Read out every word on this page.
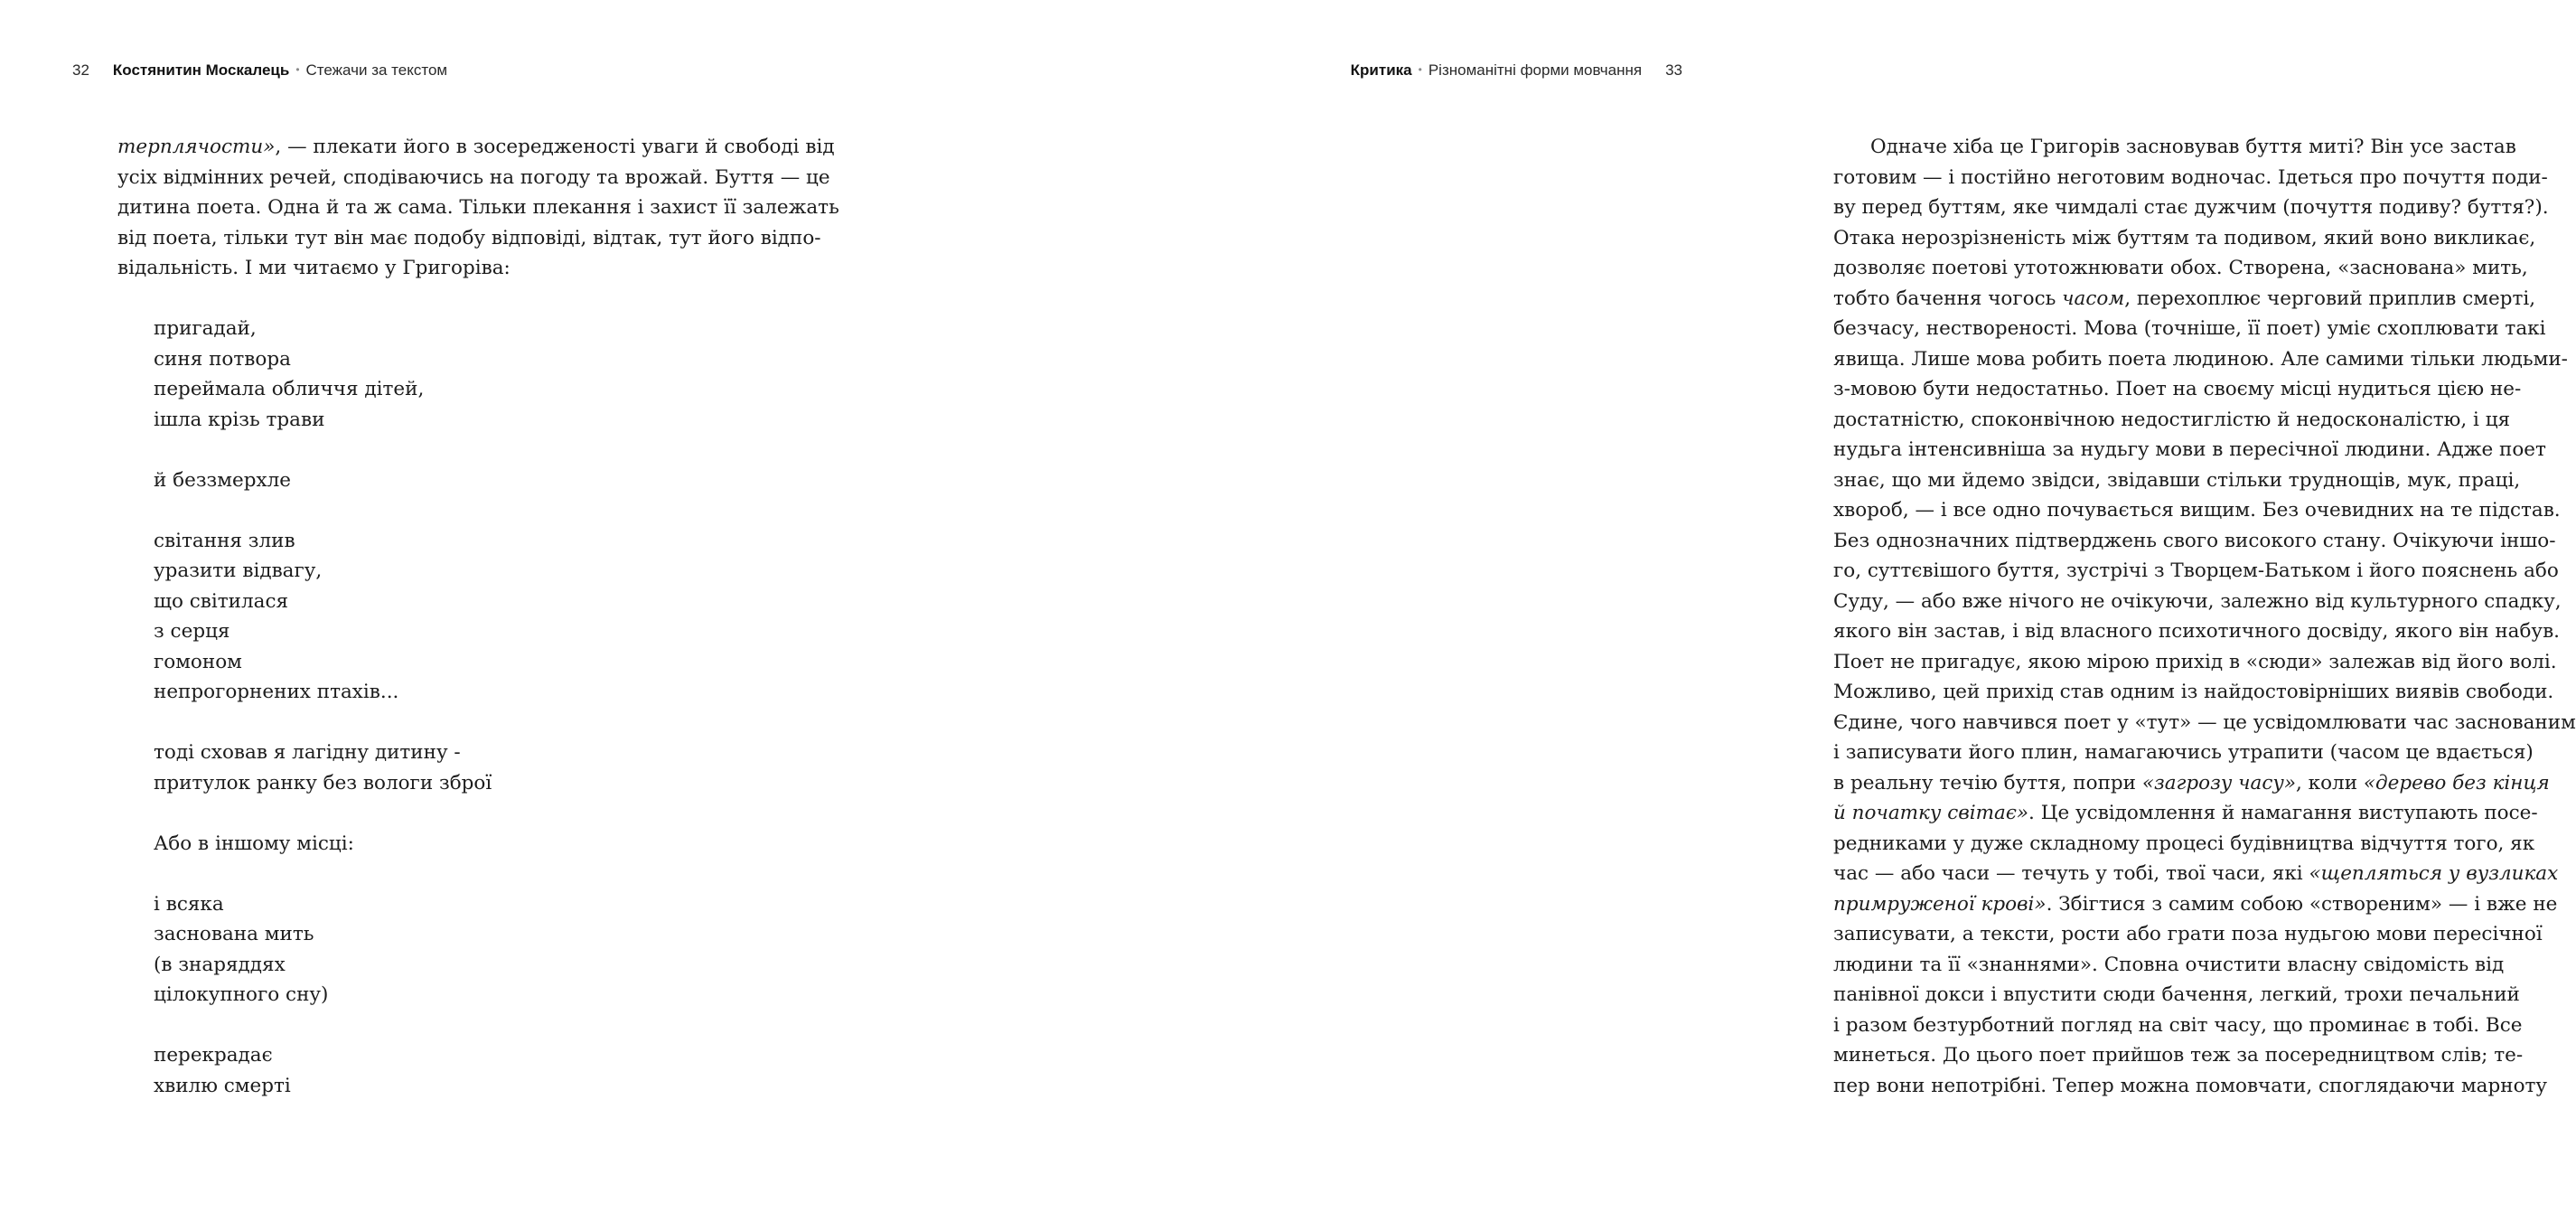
32 Костянитин Москалець • Стежачи за текстом
терплячости», — плекати його в зосередженості уваги й свободі від
усіх відмінних речей, сподіваючись на погоду та врожай. Буття — це
дитина поета. Одна й та ж сама. Тільки плекання і захист її залежать
від поета, тільки тут він має подобу відповіді, відтак, тут його відпо-
відальність. І ми читаємо у Григоріва:
пригадай,
синя потвора
переймала обличчя дітей,
ішла крізь трави
й беззмерхле
світання злив
уразити відвагу,
що світилася
з серця
гомоном
непрогорнених птахів...
тоді сховав я лагідну дитину -
притулок ранку без вологи зброї
Або в іншому місці:
і всяка
заснована мить
(в знаряддях
цілокупного сну)
перекрадає
хвилю смерті
Критика • Різноманітні форми мовчання 33
Одначе хіба це Григорів засновував буття миті? Він усе застав
готовим — і постійно неготовим водночас. Ідеться про почуття поди-
ву перед буттям, яке чимдалі стає дужчим (почуття подиву? буття?).
Отака нерозрізненість між буттям та подивом, який воно викликає,
дозволяє поетові утотожнювати обох. Створена, «заснована» мить,
тобто бачення чогось часом, перехоплює черговий приплив смерті,
безчасу, нествореності. Мова (точніше, її поет) уміє схоплювати такі
явища. Лише мова робить поета людиною. Але самими тільки людьми-
з-мовою бути недостатньо. Поет на своєму місці нудиться цією не-
достатністю, споконвічною недостиглістю й недосконалістю, і ця
нудьга інтенсивніша за нудьгу мови в пересічної людини. Адже поет
знає, що ми йдемо звідси, звідавши стільки труднощів, мук, праці,
хвороб, — і все одно почувається вищим. Без очевидних на те підстав.
Без однозначних підтверджень свого високого стану. Очікуючи іншо-
го, суттєвішого буття, зустрічі з Творцем-Батьком і його пояснень або
Суду, — або вже нічого не очікуючи, залежно від культурного спадку,
якого він застав, і від власного психотичного досвіду, якого він набув.
Поет не пригадує, якою мірою прихід в «сюди» залежав від його волі.
Можливо, цей прихід став одним із найдостовірніших виявів свободи.
Єдине, чого навчився поет у «тут» — це усвідомлювати час заснованим
і записувати його плин, намагаючись утрапити (часом це вдається)
в реальну течію буття, попри «загрозу часу», коли «дерево без кінця
й початку світає». Це усвідомлення й намагання виступають посе-
редниками у дуже складному процесі будівництва відчуття того, як
час — або часи — течуть у тобі, твої часи, які «щепляться у вузликах
примруженої крові». Збігтися з самим собою «створеним» — і вже не
записувати, а тексти, рости або грати поза нудьгою мови пересічної
людини та її «знаннями». Сповна очистити власну свідомість від
панівної докси і впустити сюди бачення, легкий, трохи печальний
і разом безтурботний погляд на світ часу, що проминає в тобі. Все
минеться. До цього поет прийшов теж за посередництвом слів; те-
пер вони непотрібні. Тепер можна помовчати, споглядаючи марноту
